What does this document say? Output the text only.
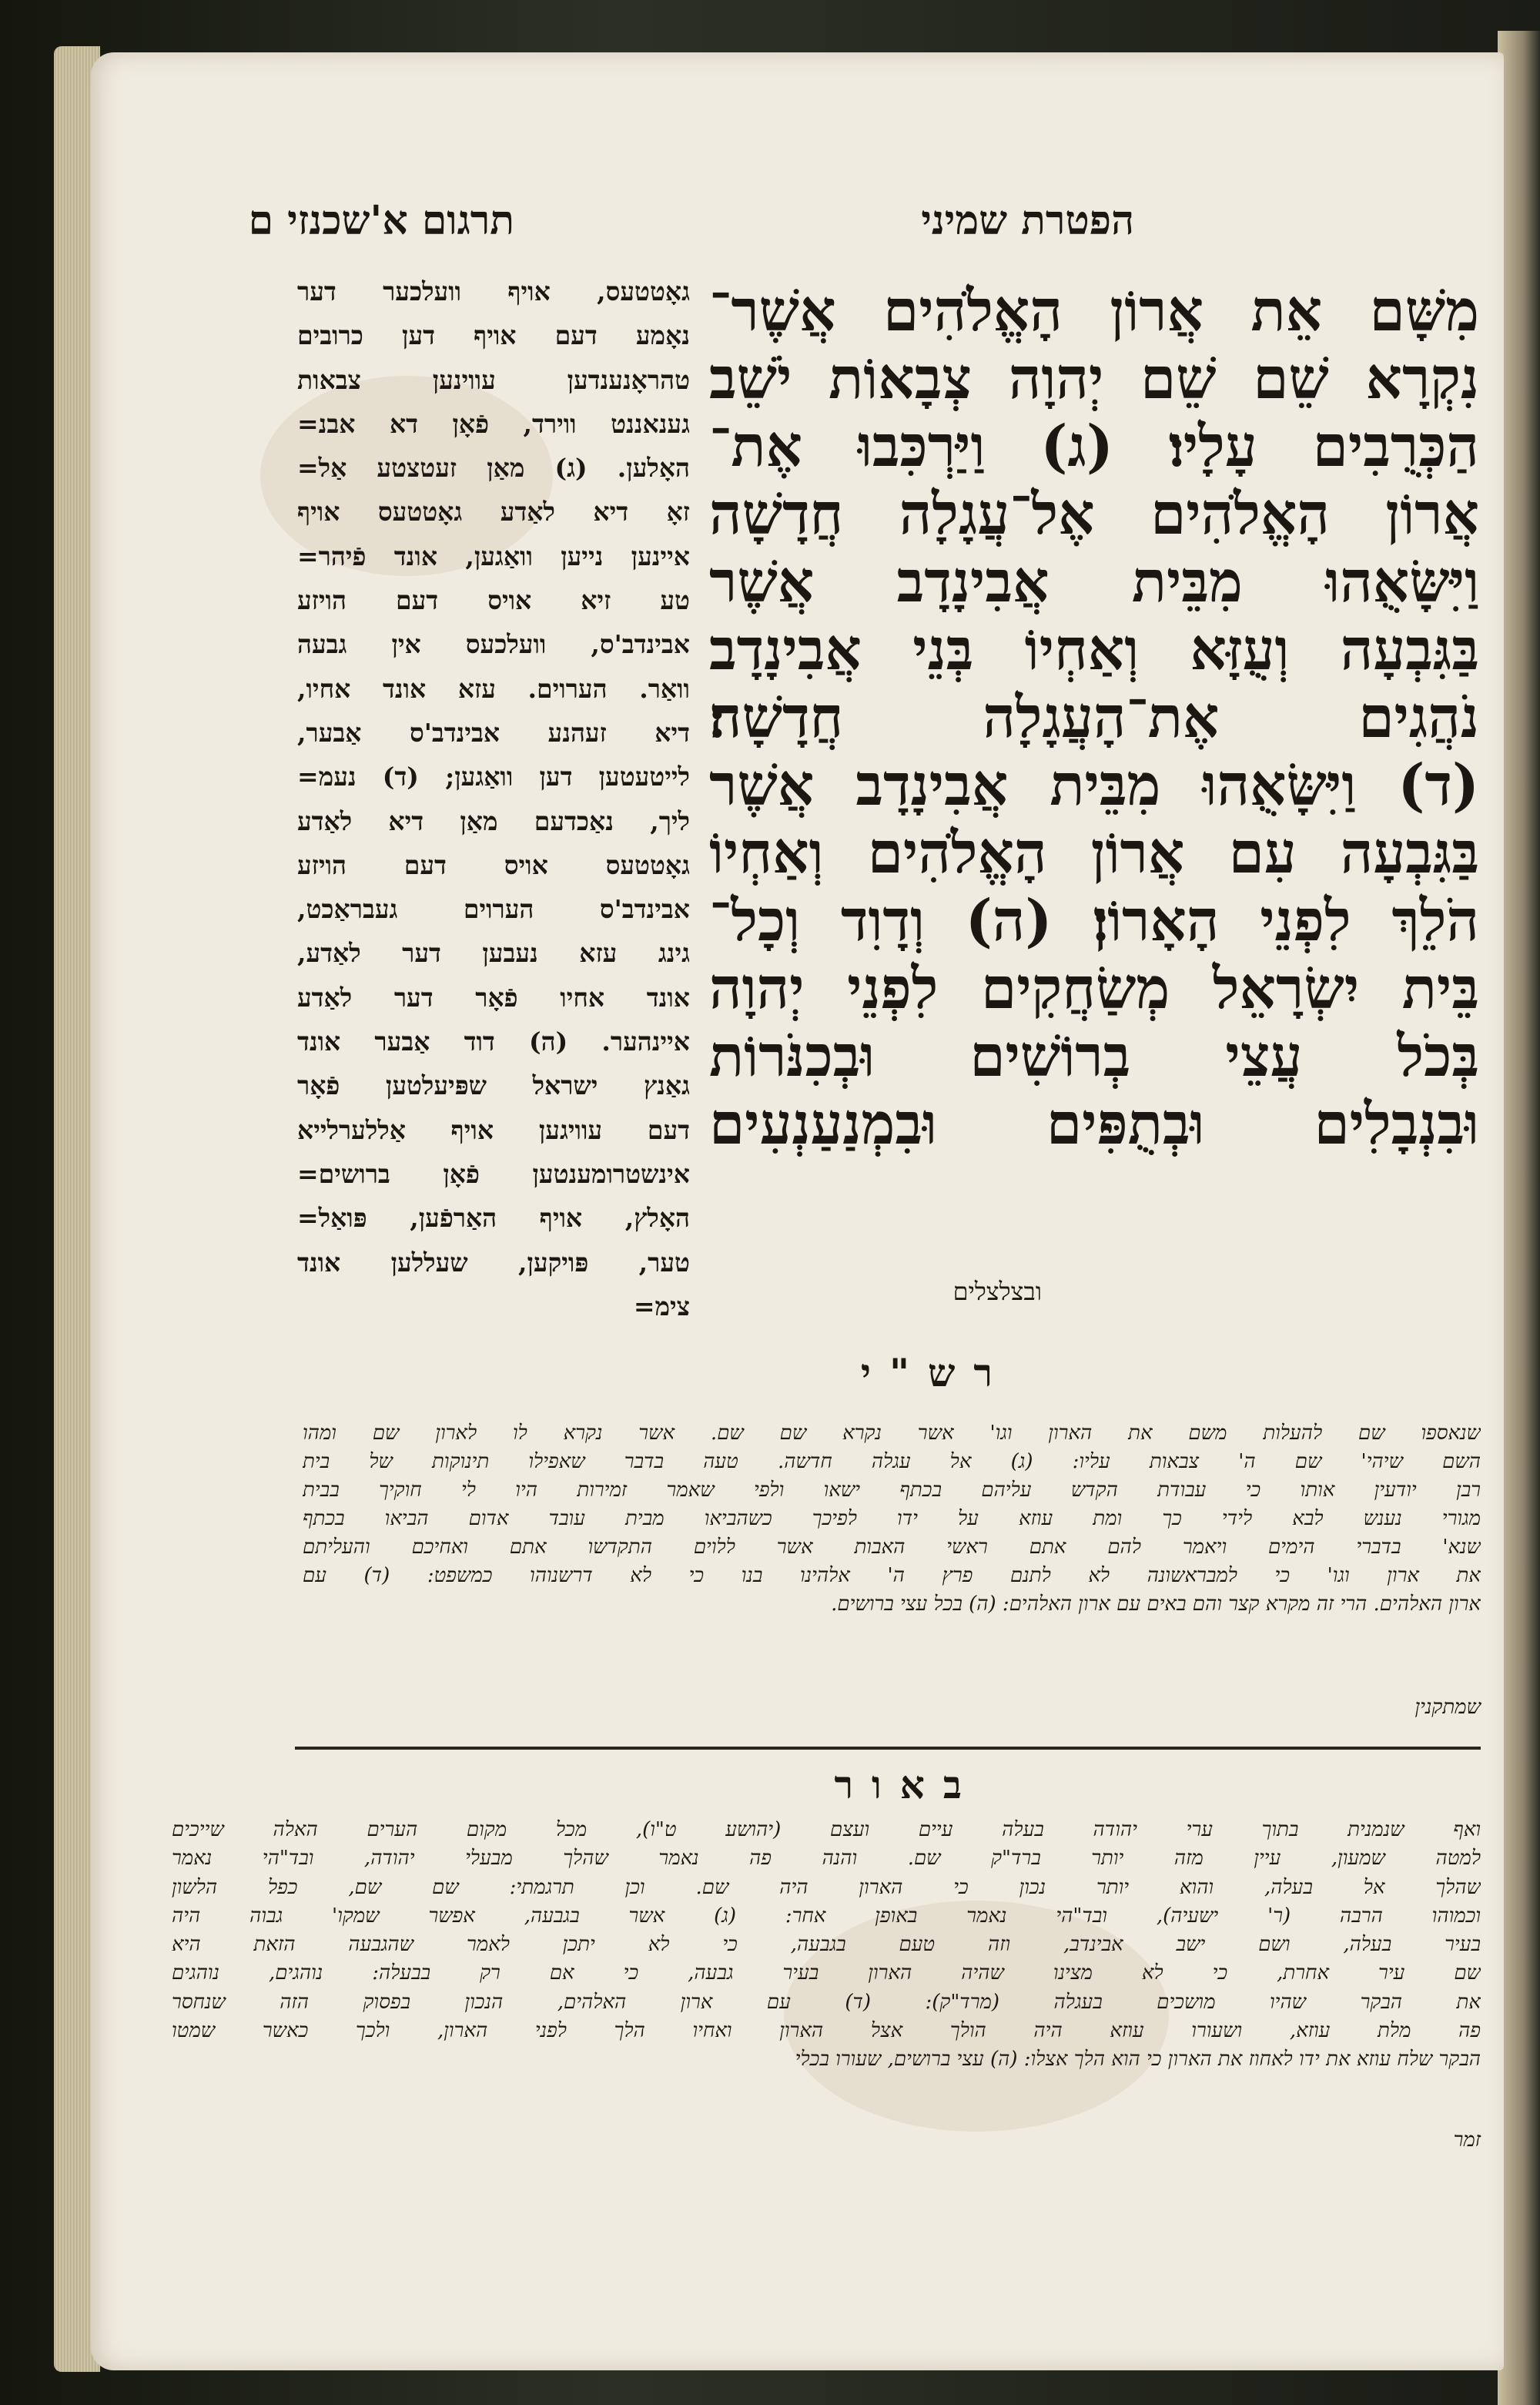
הפטרת שמיני
תרגום א'שכנזי ם
מִשָּׁם אֵת אֲרוֹן הָאֱלֹהִים אֲשֶׁר־
נִקְרָא שֵׁם שֵׁם יְהוָה צְבָאוֹת יֹשֵׁב
הַכְּרֻבִים עָלָיו׃ (ג) וַיַּרְכִּבוּ אֶת־
אֲרוֹן הָאֱלֹהִים אֶל־עֲגָלָה חֲדָשָׁה
וַיִּשָּׂאֻהוּ מִבֵּית אֲבִינָדָב אֲשֶׁר
בַּגִּבְעָה וְעֻזָּא וְאַחְיוֹ בְּנֵי אֲבִינָדָב
נֹהֲגִים אֶת־הָעֲגָלָה חֲדָשָׁה׃
(ד) וַיִּשָּׂאֻהוּ מִבֵּית אֲבִינָדָב אֲשֶׁר
בַּגִּבְעָה עִם אֲרוֹן הָאֱלֹהִים וְאַחְיוֹ
הֹלֵךְ לִפְנֵי הָאָרוֹן׃ (ה) וְדָוִד וְכָל־
בֵּית יִשְׂרָאֵל מְשַׂחֲקִים לִפְנֵי יְהוָה
בְּכֹל עֲצֵי בְרוֹשִׁים וּבְכִנֹּרוֹת
וּבִנְבָלִים וּבְתֻפִּים וּבִמְנַעַנְעִים
ובצלצלים
גאָטטעס, אויף וועלכער דער
נאָמע דעם אויף דען כרובים
טהראָנענדען עווינען צבאות
גענאננט ווירד, פֿאָן דא אבנ=
האָלען. (ג) מאַן זעטצטע אַל=
זאָ דיא לאַדע גאָטטעס אויף
איינען נייען וואַגען, אונד פֿיהר=
טע זיא אויס דעם הויזע
אבינדב'ס, וועלכעס אין גבעה
וואַר. הערוים. עזא אונד אחיו,
דיא זעהנע אבינדב'ס אַבער,
לייטעטען דען וואַגען; (ד) נעמ=
ליך, נאַכדעם מאַן דיא לאַדע
גאָטטעס אויס דעם הויזע
אבינדב'ס הערוים געבראַכט,
גינג עזא נעבען דער לאַדע,
אונד אחיו פֿאָר דער לאַדע
איינהער. (ה) דוד אַבער אונד
גאַנץ ישראל שפּיעלטען פֿאָר
דעם עוויגען אויף אַללערלייא
אינשטרומענטען פֿאָן ברושים=
האָלץ, אויף האַרפֿען, פּואַל=
טער, פּויקען, שעללען אונד
צימ=
רש"י
שנאספו שם להעלות משם את הארון וגו' אשר נקרא שם שם. אשר נקרא לו לארון שם ומהו
השם שיהי' שם ה' צבאות עליו: (ג) אל עגלה חדשה. טעה בדבר שאפילו תינוקות של בית
רבן יודעין אותו כי עבודת הקדש עליהם בכתף ישאו ולפי שאמר זמירות היו לי חוקיך בבית
מגורי נענש לבא לידי כך ומת עוזא על ידו לפיכך כשהביאו מבית עובד אדום הביאו בכתף
שנא' בדברי הימים ויאמר להם אתם ראשי האבות אשר ללוים התקדשו אתם ואחיכם והעליתם
את ארון וגו' כי למבראשונה לא לתנם פרץ ה' אלהינו בנו כי לא דרשנוהו כמשפט: (ד) עם
ארון האלהים. הרי זה מקרא קצר והם באים עם ארון האלהים: (ה) בכל עצי ברושים.
שמתקנין
באור
ואף שנמנית בתוך ערי יהודה בעלה עיים ועצם (יהושע ט"ו), מכל מקום הערים האלה שייכים
למטה שמעון, עיין מזה יותר ברד"ק שם. והנה פה נאמר שהלך מבעלי יהודה, ובד"הי נאמר
שהלך אל בעלה, והוא יותר נכון כי הארון היה שם. וכן תרגמתי: שם שם, כפל הלשון
וכמוהו הרבה (ר' ישעיה), ובד"הי נאמר באופן אחר: (ג) אשר בגבעה, אפשר שמקו' גבוה היה
בעיר בעלה, ושם ישב אבינדב, וזה טעם בגבעה, כי לא יתכן לאמר שהגבעה הזאת היא
שם עיר אחרת, כי לא מצינו שהיה הארון בעיר גבעה, כי אם רק בבעלה: נוהגים, נוהגים
את הבקר שהיו מושכים בעגלה (מרד"ק): (ד) עם ארון האלהים, הנכון בפסוק הזה שנחסר
פה מלת עוזא, ושעורו עוזא היה הולך אצל הארון ואחיו הלך לפני הארון, ולכך כאשר שמטו
הבקר שלח עוזא את ידו לאחוז את הארון כי הוא הלך אצלו: (ה) עצי ברושים, שעורו בכלי
זמר
